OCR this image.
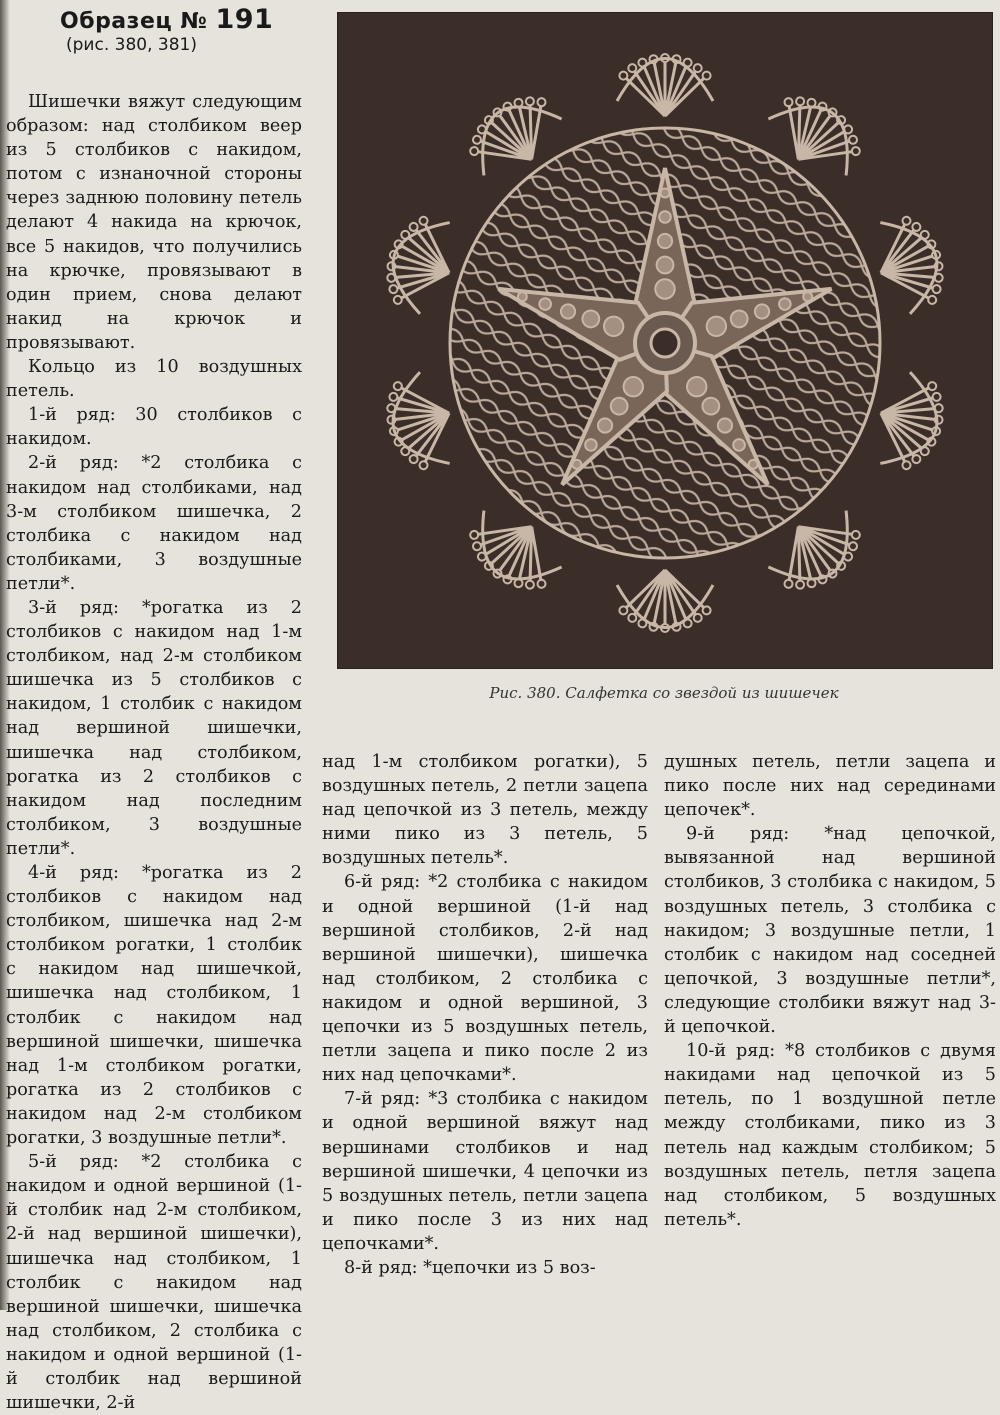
Образец № 191
(рис. 380, 381)

Шишечки вяжут следующим образом: над столбиком веер из 5 столбиков с накидом, потом с изнаночной стороны через заднюю половину петель делают 4 накида на крючок, все 5 накидов, что получились на крючке, провязывают в один прием, снова делают накид на крючок и провязывают.

Кольцо из 10 воздушных петель.

1-й ряд: 30 столбиков с накидом.

2-й ряд: *2 столбика с накидом над столбиками, над 3-м столбиком шишечка, 2 столбика с накидом над столбиками, 3 воздушные петли*.

3-й ряд: *рогатка из 2 столбиков с накидом над 1-м столбиком, над 2-м столбиком шишечка из 5 столбиков с накидом, 1 столбик с накидом над вершиной шишечки, шишечка над столбиком, рогатка из 2 столбиков с накидом над последним столбиком, 3 воздушные петли*.

4-й ряд: *рогатка из 2 столбиков с накидом над столбиком, шишечка над 2-м столбиком рогатки, 1 столбик с накидом над шишечкой, шишечка над столбиком, 1 столбик с накидом над вершиной шишечки, шишечка над 1-м столбиком рогатки, рогатка из 2 столбиков с накидом над 2-м столбиком рогатки, 3 воздушные петли*.

5-й ряд: *2 столбика с накидом и одной вершиной (1-й столбик над 2-м столбиком, 2-й над вершиной шишечки), шишечка над столбиком, 1 столбик с накидом над вершиной шишечки, шишечка над столбиком, 2 столбика с накидом и одной вершиной (1-й столбик над вершиной шишечки, 2-й

Рис. 380. Салфетка со звездой из шишечек

над 1-м столбиком рогатки), 5 воздушных петель, 2 петли зацепа над цепочкой из 3 петель, между ними пико из 3 петель, 5 воздушных петель*.

6-й ряд: *2 столбика с накидом и одной вершиной (1-й над вершиной столбиков, 2-й над вершиной шишечки), шишечка над столбиком, 2 столбика с накидом и одной вершиной, 3 цепочки из 5 воздушных петель, петли зацепа и пико после 2 из них над цепочками*.

7-й ряд: *3 столбика с накидом и одной вершиной вяжут над вершинами столбиков и над вершиной шишечки, 4 цепочки из 5 воздушных петель, петли зацепа и пико после 3 из них над цепочками*.

8-й ряд: *цепочки из 5 воз-

душных петель, петли зацепа и пико после них над серединами цепочек*.

9-й ряд: *над цепочкой, вывязанной над вершиной столбиков, 3 столбика с накидом, 5 воздушных петель, 3 столбика с накидом; 3 воздушные петли, 1 столбик с накидом над соседней цепочкой, 3 воздушные петли*, следующие столбики вяжут над 3-й цепочкой.

10-й ряд: *8 столбиков с двумя накидами над цепочкой из 5 петель, по 1 воздушной петле между столбиками, пико из 3 петель над каждым столбиком; 5 воздушных петель, петля зацепа над столбиком, 5 воздушных петель*.
